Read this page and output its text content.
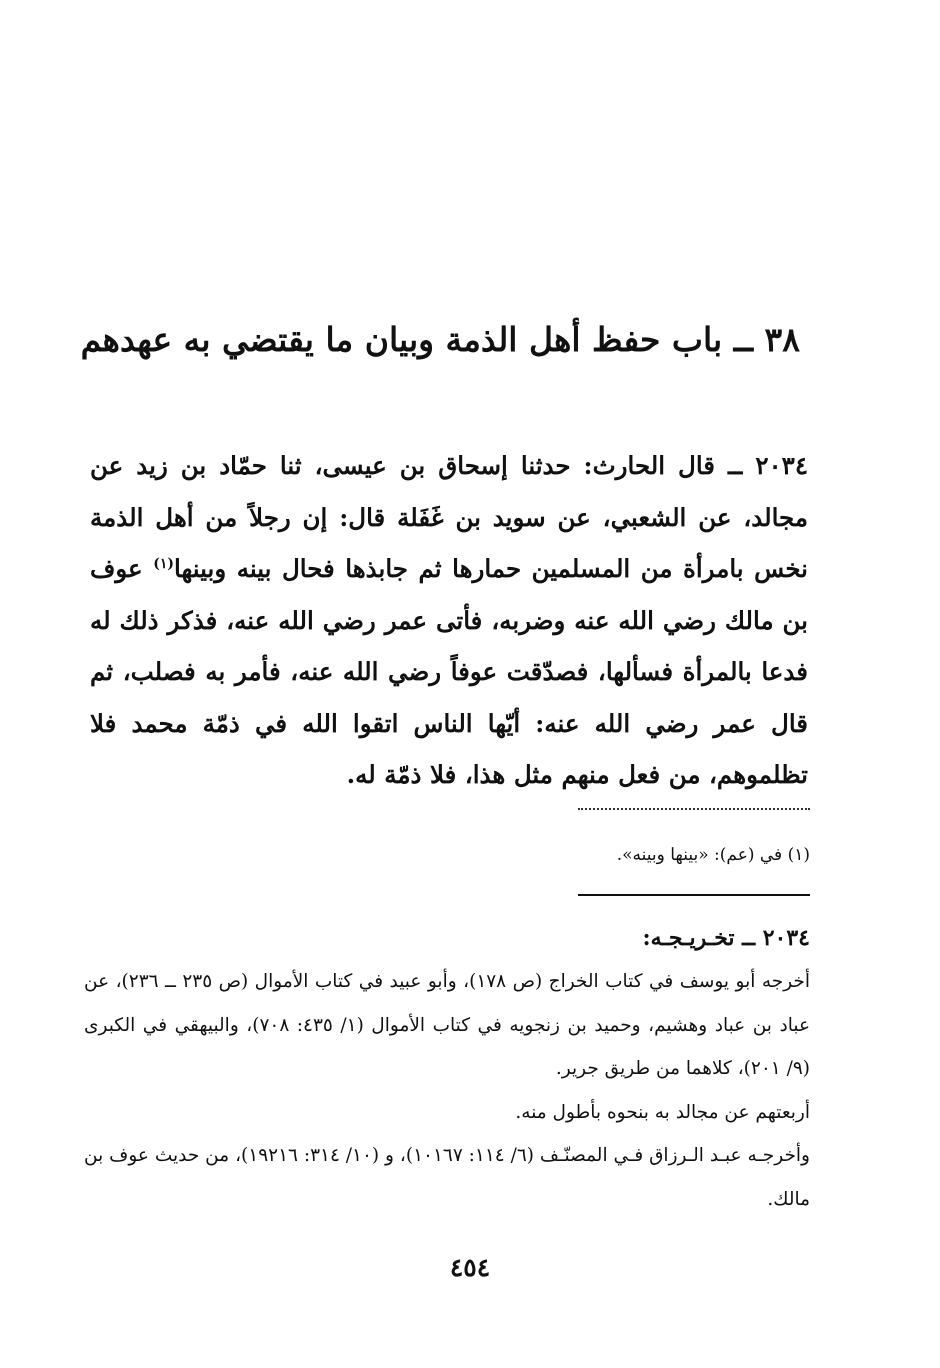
٣٨ ــ باب حفظ أهل الذمة وبيان ما يقتضي به عهدهم

٢٠٣٤ ــ قال الحارث: حدثنا إسحاق بن عيسى، ثنا حمّاد بن زيد عن مجالد، عن الشعبي، عن سويد بن غَفَلة قال: إن رجلاً من أهل الذمة نخس بامرأة من المسلمين حمارها ثم جابذها فحال بينه وبينها$^{(١)}$ عوف بن مالك رضي الله عنه وضربه، فأتى عمر رضي الله عنه، فذكر ذلك له فدعا بالمرأة فسألها، فصدّقت عوفاً رضي الله عنه، فأمر به فصلب، ثم قال عمر رضي الله عنه: أيّها الناس اتقوا الله في ذمّة محمد فلا تظلموهم، من فعل منهم مثل هذا، فلا ذمّة له.

(١) في (عم): «بينها وبينه».
٢٠٣٤ ــ تخـريـجـه:

أخرجه أبو يوسف في كتاب الخراج (ص ١٧٨)، وأبو عبيد في كتاب الأموال (ص ٢٣٥ ــ ٢٣٦)، عن عباد بن عباد وهشيم، وحميد بن زنجويه في كتاب الأموال (١/ ٤٣٥: ٧٠٨)، والبيهقي في الكبرى (٩/ ٢٠١)، كلاهما من طريق جرير.

أربعتهم عن مجالد به بنحوه بأطول منه.

وأخرجـه عبـد الـرزاق فـي المصنّـف (٦/ ١١٤: ١٠١٦٧)، و (١٠/ ٣١٤: ١٩٢١٦)، من حديث عوف بن مالك.

٤٥٤
